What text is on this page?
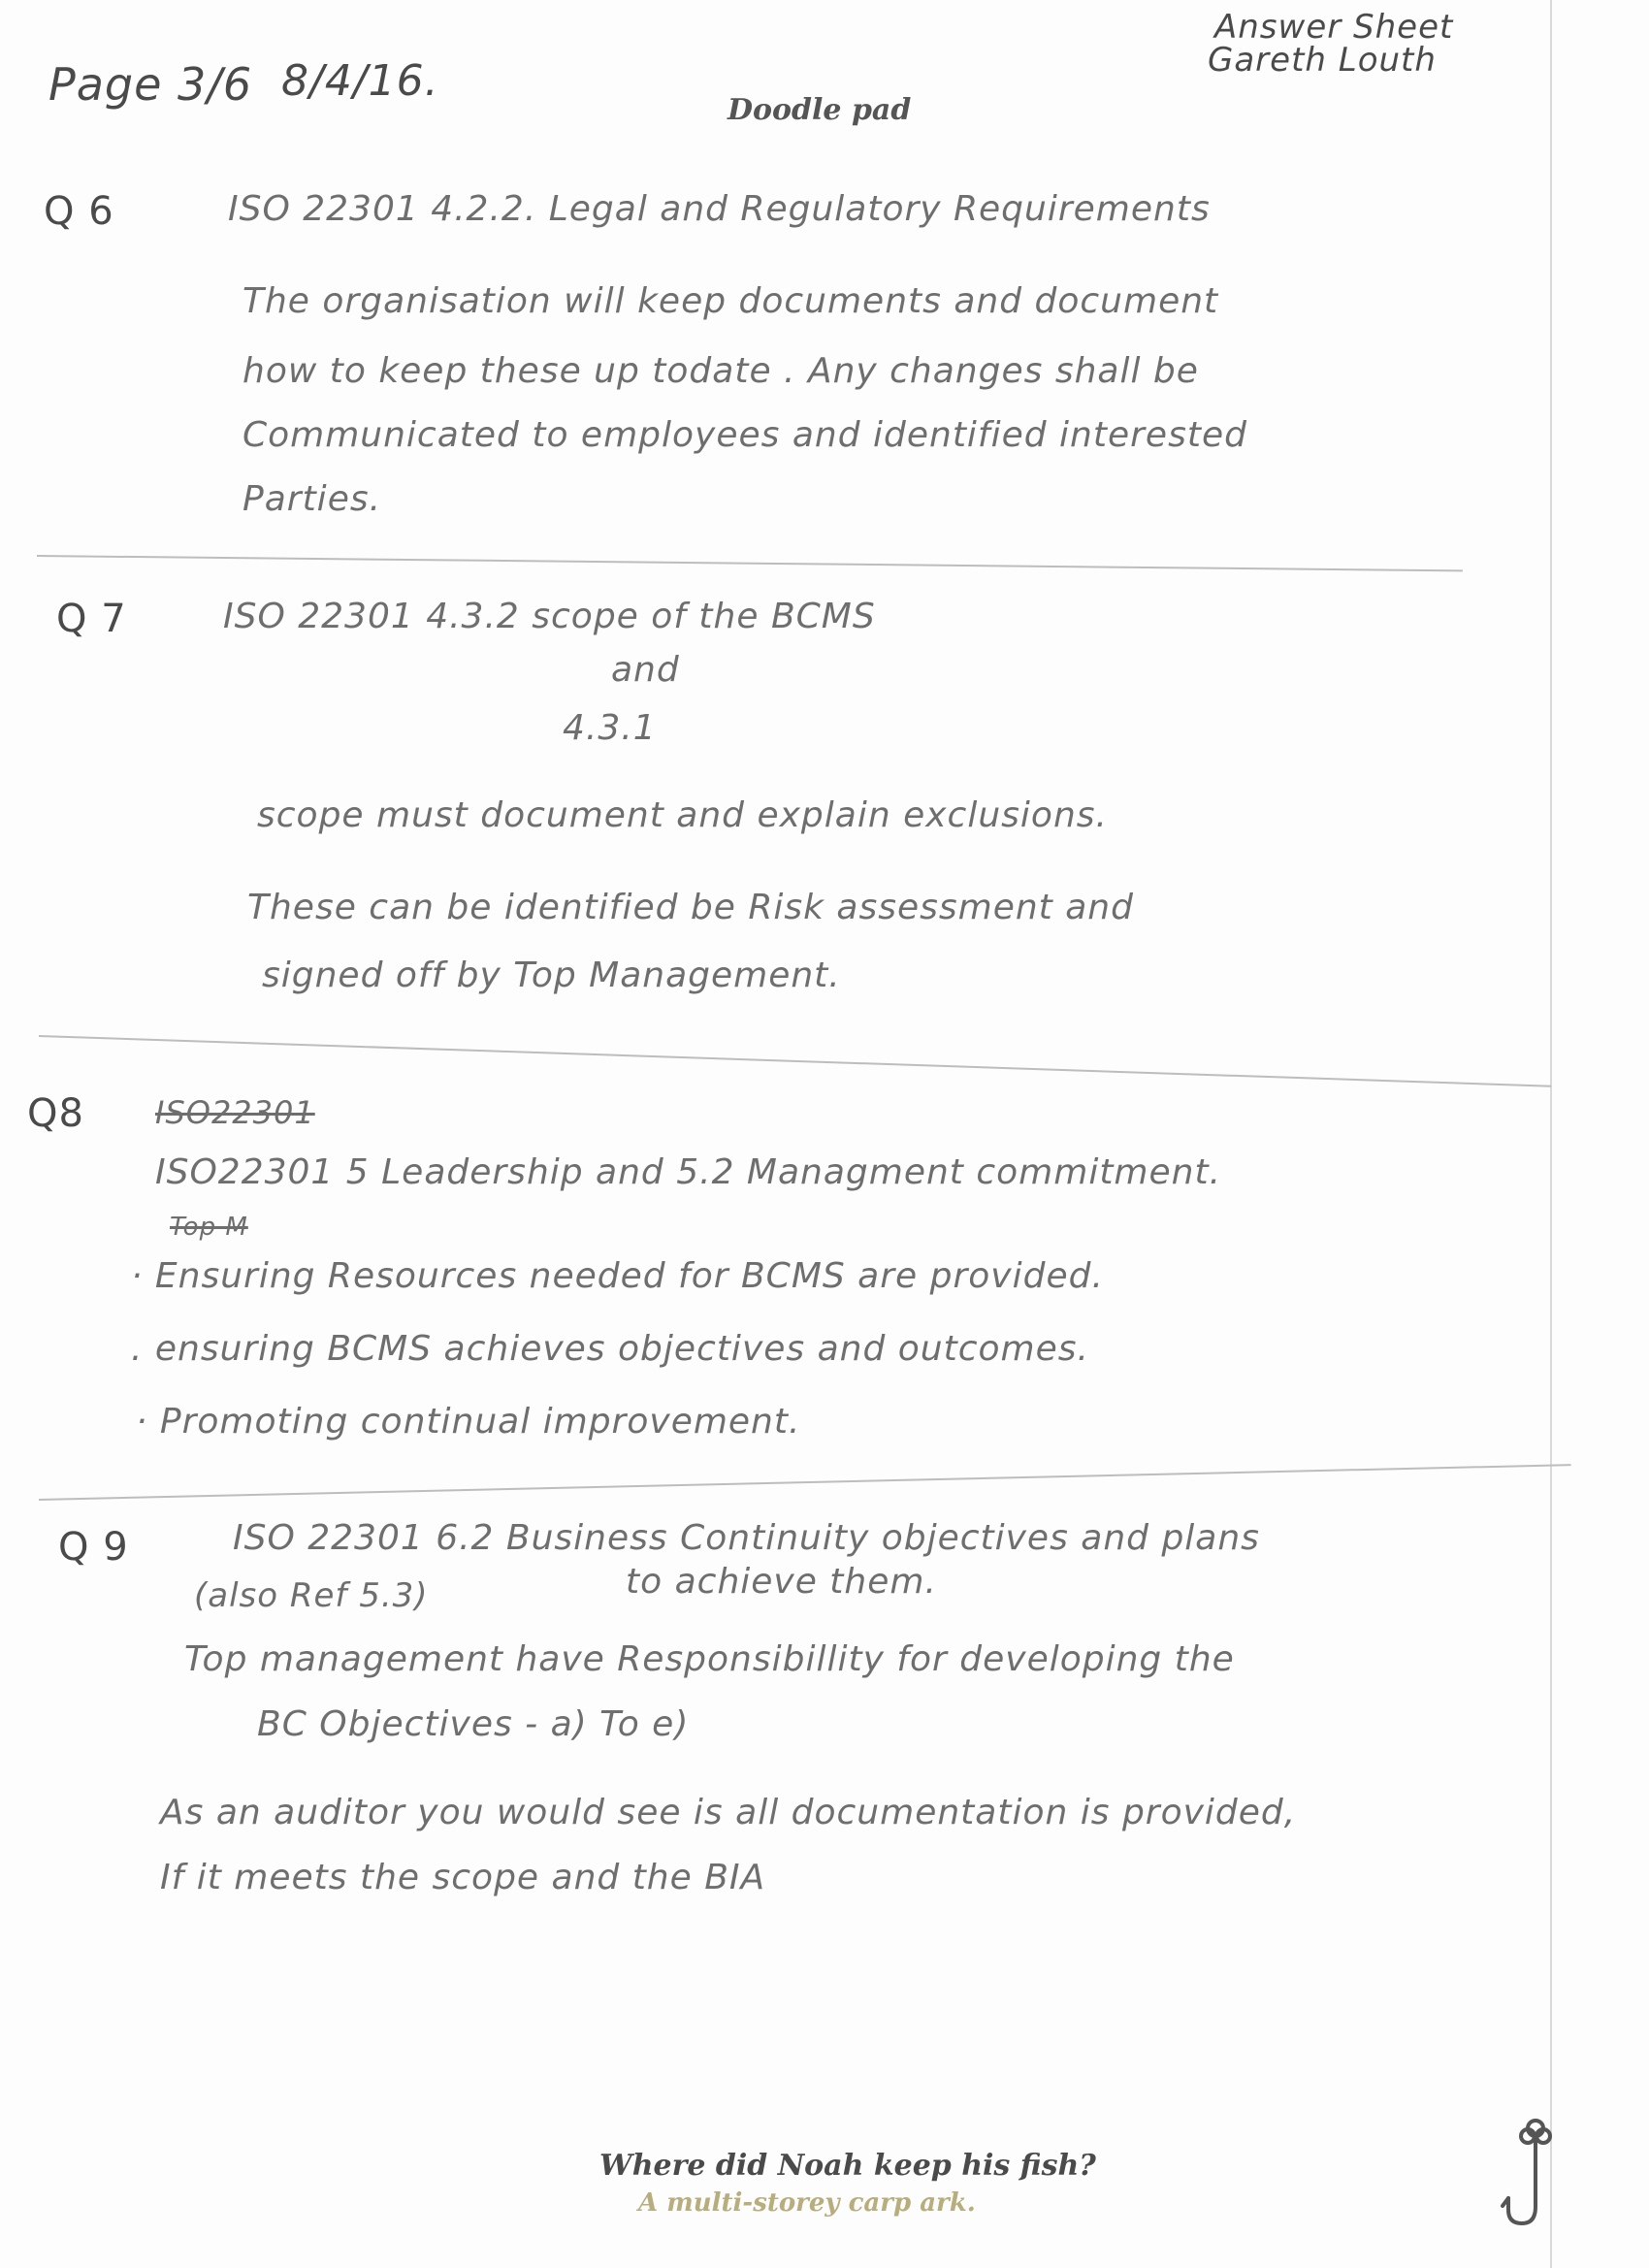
Page 3/6 8/4/16.
Doodle pad
Answer Sheet
Gareth Louth
Q 6	ISO 22301 4.2.2. Legal and Regulatory Requirements
The organisation will keep documents and document
how to keep these up todate . Any changes shall be
Communicated to employees and identified interested
Parties.
Q 7	ISO 22301 4.3.2 scope of the BCMS
and
4.3.1
scope must document and explain exclusions.
These can be identified be Risk assessment and
signed off by Top Management.
Q8 ISO22301
ISO22301 5 Leadership and 5.2 Managment commitment.
Top M
· Ensuring Resources needed for BCMS are provided.
. ensuring BCMS achieves objectives and outcomes.
· Promoting continual improvement.
Q 9	ISO 22301 6.2 Business Continuity objectives and plans
(also Ref 5.3)	to achieve them.
Top management have Responsibillity for developing the
BC Objectives - a) To e)
As an auditor you would see is all documentation is provided,
If it meets the scope and the BIA
Where did Noah keep his fish?
A multi-storey carp ark.
